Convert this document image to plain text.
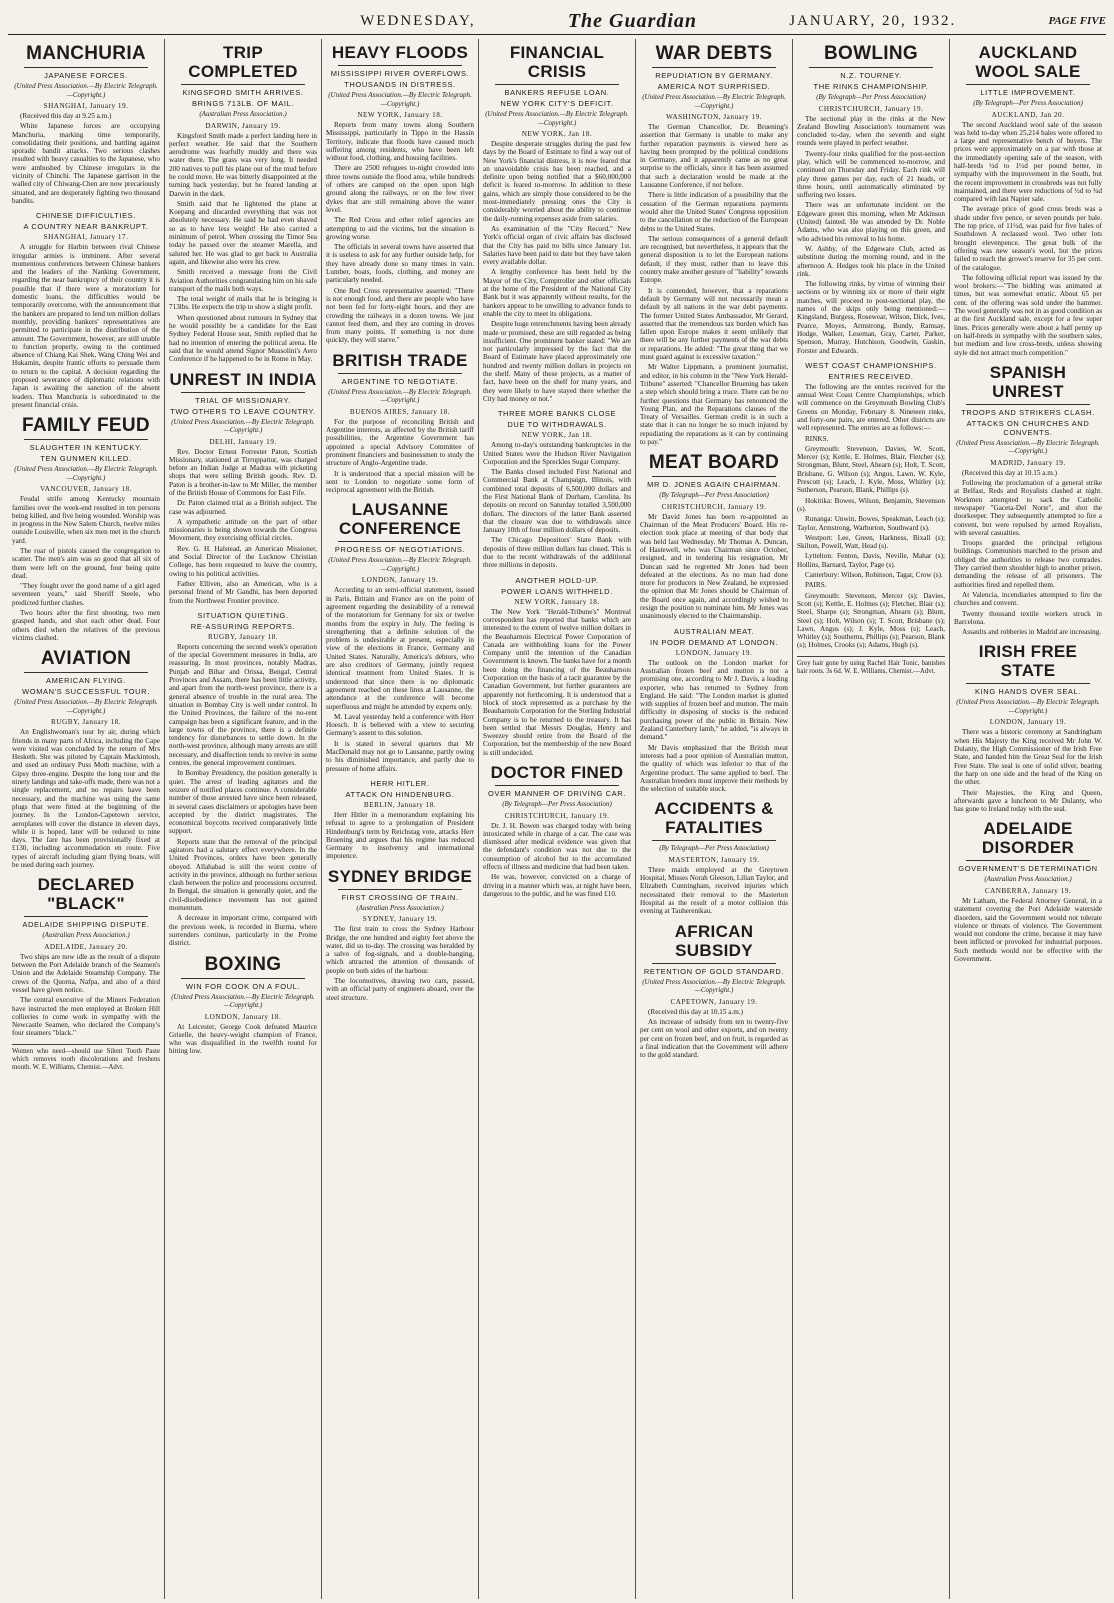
WEDNESDAY,	The Guardian	JANUARY, 20, 1932.	PAGE FIVE
MANCHURIA
JAPANESE FORCES.
(United Press Association.—By Electric Telegraph.—Copyright.)
SHANGHAI, January 19.

(Received this day at 9.25 a.m.)

White Japanese forces are occupying Manchuria, marking time temporarily, consolidating their positions, and battling against sporadic bandit attacks. Two serious clashes resulted with heavy casualties to the Japanese, who were ambushed by Chinese irregulars in the vicinity of Chinchi. The Japanese garrison in the walled city of Chiwang-Chen are now precariously situated, and are desperately fighting two thousand bandits.

CHINESE DIFFICULTIES.
A COUNTRY NEAR BANKRUPT.
SHANGHAI, January 17.

A struggle for Harbin between rival Chinese irregular armies is imminent. After several momentous conferences between Chinese bankers and the leaders of the Nanking Government, regarding the near bankruptcy of their country it is possible that if there were a moratorium for domestic loans, the difficulties would be temporarily overcome, with the announcement that the bankers are prepared to lend ten million dollars monthly, providing bankers' representatives are permitted to participate in the distribution of the amount. The Government, however, are still unable to function properly, owing to the continued absence of Chiang Kai Shek, Wang Ching Wei and Hukamin, despite frantic efforts to persuade them to return to the capital. A decision regarding the proposed severance of diplomatic relations with Japan is awaiting the sanction of the absent leaders. Thus Manchuria is subordinated to the present financial crisis.

FAMILY FEUD
SLAUGHTER IN KENTUCKY.
TEN GUNMEN KILLED.
(United Press Association.—By Electric Telegraph.—Copyright.)
VANCOUVER, January 18.

Feudal strife among Kentucky mountain families over the week-end resulted in ten persons being killed, and five being wounded. Worship was in progress in the New Salem Church, twelve miles outside Louisville, when six men met in the church yard.

The roar of pistols caused the congregation to scatter. The men's aim was so good that all six of them were left on the ground, four being quite dead.

"They fought over the good name of a girl aged seventeen years," said Sheriff Steele, who predicted further clashes.

Two hours after the first shooting, two men grasped hands, and shot each other dead. Four others died when the relatives of the previous victims clashed.

AVIATION
AMERICAN FLYING.
WOMAN'S SUCCESSFUL TOUR.
(United Press Association.—By Electric Telegraph.—Copyright.)
RUGBY, January 18.

An Englishwoman's tour by air, during which friends in many parts of Africa, including the Cape were visited was concluded by the return of Mrs Hesketh. She was piloted by Captain Mackintosh, and used an ordinary Puss Moth machine, with a Gipsy three-engine. Despite the long tour and the ninety landings and take-offs made, there was not a single replacement, and no repairs have been necessary, and the machine was using the same plugs that were fitted at the beginning of the journey. In the London-Capetown service, aeroplanes will cover the distance in eleven days, while it is hoped, later will be reduced to nine days. The fare has been provisionally fixed at £130, including accommodation en route. Five types of aircraft including giant flying boats, will be used during each journey.

DECLARED "BLACK"
ADELAIDE SHIPPING DISPUTE.
(Australian Press Association.)
ADELAIDE, January 20.

Two ships are now idle as the result of a dispute between the Port Adelaide branch of the Seamen's Union and the Adelaide Steamship Company. The crews of the Quorna, Nafpa, and also of a third vessel have given notice.

The central executive of the Miners Federation have instructed the men employed at Broken Hill collieries to come work in sympathy with the Newcastle Seamen, who declared the Company's four steamers "black."

Women who need—should use Silent Tooth Paste which removes tooth discolorations and freshens mouth. W. E. Williams, Chemist.—Advt.
TRIP COMPLETED
KINGSFORD SMITH ARRIVES.
BRINGS 713LB. OF MAIL.
(Australian Press Association.)
DARWIN, January 19.

Kingsford Smith made a perfect landing here in perfect weather. He said that the Southern aerodrome was fearfully muddy and there was water there. The grass was very long. It needed 200 natives to pull his plane out of the mud before he could move. He was bitterly disappointed at the turning back yesterday, but he feared landing at Darwin in the dark.

Smith said that he lightened the plane at Koepang and discarded everything that was not absolutely necessary. He said he had even shaved so as to have less weight! He also carried a minimum of petrol. When crossing the Timor Sea today he passed over the steamer Marella, and saluted her. He was glad to get back to Australia again, and likewise also were his crew.

Smith received a message from the Civil Aviation Authorities congratulating him on his safe transport of the mails both ways.

The total weight of mails that he is bringing is 713lbs. He expects the trip to show a slight profit.

When questioned about rumours in Sydney that he would possibly be a candidate for the East Sydney Federal House seat, Smith replied that he had no intention of entering the political arena. He said that he would attend Signor Mussolini's Aero Conference if he happened to be in Rome in May.

UNREST IN INDIA
TRIAL OF MISSIONARY.
TWO OTHERS TO LEAVE COUNTRY.
(United Press Association.—By Electric Telegraph.—Copyright.)
DELHI, January 19.

Rev. Doctor Ernest Forrester Paton, Scottish Missionary, stationed at Tirruppattur, was charged before an Indian Judge at Madras with picketing shops that were selling British goods. Rev. D. Paton is a brother-in-law to Mr Miller, the member of the British House of Commons for East Fife.

Dr. Paton claimed trial as a British subject. The case was adjourned.

A sympathetic attitude on the part of other missionaries is being shown towards the Congress Movement, they exercising official circles.

Rev. G. H. Halstead, an American Missioner, and Social Director of the Lucknow Christian College, has been requested to leave the country, owing to his political activities.

Father Elliven, also an American, who is a personal friend of Mr Gandhi, has been deported from the Northwest Frontier province.

SITUATION QUIETING.
RE-ASSURING REPORTS.
RUGBY, January 18.

Reports concerning the second week's operation of the special Government measures in India, are reassuring. In most provinces, notably Madras, Punjab and Bihar and Orissa, Bengal, Central Provinces and Assam, there has been little activity, and apart from the north-west province, there is a general absence of trouble in the rural area. The situation in Bombay City is well under control. In the United Provinces, the failure of the no-rent campaign has been a significant feature, and in the large towns of the province, there is a definite tendency for disturbances to settle down. In the north-west province, although many arrests are still necessary, and disaffection tends to revive in some centres, the general improvement continues.

In Bombay Presidency, the position generally is quiet. The arrest of leading agitators and the seizure of notified places continue. A considerable number of those arrested have since been released, in several cases disclaimers or apologies have been accepted by the district magistrates. The economical boycotts received comparatively little support.

Reports state that the removal of the principal agitators had a salutary effect everywhere. In the United Provinces, orders have been generally obeyed. Allahabad is still the worst centre of activity in the province, although no further serious clash between the police and processions occurred. In Bengal, the situation is generally quiet, and the civil-disobedience movement has not gained momentum.

A decrease in important crime, compared with the previous week, is recorded in Burma, where surrenders continue, particularly in the Prome district.

BOXING
WIN FOR COOK ON A FOUL.
(United Press Association.—By Electric Telegraph.—Copyright.)
LONDON, January 18.

At Leicester, George Cook defeated Maurice Griselle, the heavy-weight champion of France, who was disqualified in the twelfth round for hitting low.

HEAVY FLOODS
MISSISSIPPI RIVER OVERFLOWS.
THOUSANDS IN DISTRESS.
(United Press Association.—By Electric Telegraph.—Copyright.)
NEW YORK, January 18.

Reports from many towns along Southern Mississippi, particularly in Tippo in the Hassin Territory, indicate that floods have caused much suffering among residents, who have been left without food, clothing, and housing facilities.

There are 2500 refugees to-night crowded into three towns outside the flood area, while hundreds of others are camped on the open upon high ground along the railways, or on the few river dykes that are still remaining above the water level.

The Red Cross and other relief agencies are attempting to aid the victims, but the situation is growing worse.

The officials in several towns have asserted that it is useless to ask for any further outside help, for they have already done so many times in vain. Lumber, boats, foods, clothing, and money are particularly needed.

One Red Cross representative asserted: "There is not enough food, and there are people who have not been fed for forty-eight hours, and they are crowding the railways in a dozen towns. We just cannot feed them, and they are coming in droves from many points. If something is not done quickly, they will starve."

BRITISH TRADE
ARGENTINE TO NEGOTIATE.
(United Press Association.—By Electric Telegraph.—Copyright.)
BUENOS AIRES, January 18.

For the purpose of reconciling British and Argentine interests, as affected by the British tariff possibilities, the Argentine Government has appointed a special Advisory Committee of prominent financiers and businessmen to study the structure of Anglo-Argentine trade.

It is understood that a special mission will be sent to London to negotiate some form of reciprocal agreement with the British.

LAUSANNE CONFERENCE
PROGRESS OF NEGOTIATIONS.
(United Press Association.—By Electric Telegraph.—Copyright.)
LONDON, January 19.

According to an semi-official statement, issued in Paris, Britain and France are on the point of agreement regarding the desirability of a renewal of the moratorium for Germany for six or twelve months from the expiry in July. The feeling is strengthening that a definite solution of the problem is undesirable at present, especially in view of the elections in France, Germany and United States. Naturally, America's debtors, who are also creditors of Germany, jointly request identical treatment from United States. It is understood that since there is no diplomatic agreement reached on these lines at Lausanne, the attendance at the conference will become superfluous and might be attended by experts only.

M. Laval yesterday held a conference with Herr Hoesch. It is believed with a view to securing Germany's assent to this solution.

It is stated in several quarters that Mr MacDonald may not go to Lausanne, partly owing to his diminished importance, and partly due to pressure of home affairs.

HERR HITLER.
ATTACK ON HINDENBURG.
BERLIN, January 18.

Herr Hitler in a memorandum explaining his refusal to agree to a prolongation of President Hindenburg's term by Reichstag vote, attacks Herr Bruening and argues that his regime has reduced Germany to insolvency and international impotence.

SYDNEY BRIDGE
FIRST CROSSING OF TRAIN.
(Australian Press Association.)
SYDNEY, January 19.

The first train to cross the Sydney Harbour Bridge, the one hundred and eighty feet above the water, did so to-day. The crossing was heralded by a salvo of fog-signals, and a double-banging, which attracted the attention of thousands of people on both sides of the harbour.

The locomotives, drawing two cars, passed, with an official party of engineers aboard, over the steel structure.

FINANCIAL CRISIS
BANKERS REFUSE LOAN.
NEW YORK CITY'S DEFICIT.
(United Press Association.—By Electric Telegraph.—Copyright.)
NEW YORK, Jan 18.

Despite desperate struggles during the past few days by the Board of Estimate to find a way out of New York's financial distress, it is now feared that an unavoidable crisis has been reached, and a definite upon being notified that a $60,000,000 deficit is feared to-morrow. In addition to these gains, which are simply those considered to be the most-immediately pressing ones the City is considerably worried about the ability to continue the daily-running expenses aside from salaries.

As examination of the "City Record," New York's official organ of civic affairs has disclosed that the City has paid no bills since January 1st. Salaries have been paid to date but they have taken every available dollar.

A lengthy conference has been held by the Mayor of the City, Comptroller and other officials at the home of the President of the National City Bank but it was apparently without results, for the bankers appear to be unwilling to advance funds to enable the city to meet its obligations.

Despite huge retrenchments having been already made or promised, these are still regarded as being insufficient. One prominent banker stated: "We are not particularly impressed by the fact that the Board of Estimate have placed approximately one hundred and twenty million dollars in projects on the shelf. Many of these projects, as a matter of fact, have been on the shelf for many years, and they were likely to have stayed there whether the City had money or not."

THREE MORE BANKS CLOSE
DUE TO WITHDRAWALS.
NEW YORK, Jan 18.

Among to-day's outstanding bankruptcies in the United States were the Hudson River Navigation Corporation and the Spreckles Sugar Company.

The Banks closed included First National and Commercial Bank at Champaign, Illinois, with combined total deposits of 6,500,000 dollars and the First National Bank of Durham, Carolina. Its deposits on record on Saturday totalled 3,500,000 dollars. The directors of the latter Bank asserted that the closure was due to withdrawals since January 10th of four million dollars of deposits.

The Chicago Depositors' State Bank with deposits of three million dollars has closed. This is due to the recent withdrawals of the additional three millions in deposits.

ANOTHER HOLD-UP.
POWER LOANS WITHHELD.
NEW YORK, January 18.

The New York "Herald-Tribune's" Montreal correspondent has reported that banks which are interested to the extent of twelve million dollars in the Beauharnois Electrical Power Corporation of Canada are withholding loans for the Power Company until the intention of the Canadian Government is known. The banks have for a month been doing the financing of the Beauharnois Corporation on the basis of a tacit guarantee by the Canadian Government, but further guarantees are apparently not forthcoming. It is understood that a block of stock represented as a purchase by the Beauharnois Corporation for the Sterling Industrial Company is to be returned to the treasury. It has been settled that Messrs Douglas, Henry and Sweezey should retire from the Board of the Corporation, but the membership of the new Board is still undecided.

DOCTOR FINED
OVER MANNER OF DRIVING CAR.
(By Telegraph—Per Press Association)
CHRISTCHURCH, January 19.

Dr. J. H. Bowen was charged today with being intoxicated while in charge of a car. The case was dismissed after medical evidence was given that the defendant's condition was not due to the consumption of alcohol but to the accumulated effects of illness and medicine that had been taken.

He was, however, convicted on a charge of driving in a manner which was, at night have been, dangerous to the public, and he was fined £10.

WAR DEBTS
REPUDIATION BY GERMANY.
AMERICA NOT SURPRISED.
(United Press Association.—By Electric Telegraph.—Copyright.)
WASHINGTON, January 19.

The German Chancellor, Dr. Bruening's assertion that Germany is unable to make any further reparation payments is viewed here as having been prompted by the political conditions in Germany, and it apparently came as no great surprise to the officials, since it has been assumed that such a declaration would be made at the Lausanne Conference, if not before.

There is little indication of a possibility that the cessation of the German reparations payments would alter the United States' Congress opposition to the cancellation or the reduction of the European debts to the United States.

The serious consequences of a general default are recognised, but nevertheless, it appears that the general disposition is to let the European nations default, if they must, rather than to leave this country make another gesture of "liability" towards Europe.

It is contended, however, that a reparations default by Germany will not necessarily mean a default by all nations in the war debt payments. The former United States Ambassador, Mr Gerard, asserted that the tremendous tax burden which has fallen upon Europe makes it seem unlikely that there will be any further payments of the war debts or reparations. He added: "The great thing that we must guard against is excessive taxation."

Mr Walter Lippmann, a prominent journalist, and editor, in his column in the "New York Herald-Tribune" asserted: "Chancellor Bruening has taken a step which should bring a truce. There can be no further questions that Germany has renounced the Young Plan, and the Reparations clauses of the Treaty of Versailles. German credit is in such a state that it can no longer be so much injured by repudiating the reparations as it can by continuing to pay."

MEAT BOARD
MR D. JONES AGAIN CHAIRMAN.
(By Telegraph—Per Press Association)
CHRISTCHURCH, January 19.

Mr David Jones has been re-appointed as Chairman of the Meat Producers' Board. His re-election took place at meeting of that body that was held last Wednesday. Mr Thomas A. Duncan, of Hastewell, who was Chairman since October, resigned, and in tendering his resignation, Mr Duncan said he regretted Mr Jones had been defeated at the elections. As no man had done more for producers in New Zealand, he expressed the opinion that Mr Jones should be Chairman of the Board once again, and accordingly wished to resign the position to nominate him. Mr Jones was unanimously elected to the Chairmanship.

AUSTRALIAN MEAT.
IN POOR DEMAND AT LONDON.
LONDON, January 19.

The outlook on the London market for Australian frozen beef and mutton is not a promising one, according to Mr J. Davis, a leading exporter, who has returned to Sydney from England. He said: "The London market is glutted with supplies of frozen beef and mutton. The main difficulty in disposing of stocks is the reduced purchasing power of the public in Britain. New Zealand Canterbury lamb," he added, "is always in demand."

Mr Davis emphasized that the British meat interests had a poor opinion of Australian mutton, the quality of which was inferior to that of the Argentine product. The same applied to beef. The Australian breeders must improve their methods by the selection of suitable stock.

ACCIDENTS & FATALITIES
(By Telegraph—Per Press Association)
MASTERTON, January 19.

Three maids employed at the Greytown Hospital, Misses Norah Gleeson, Lilian Taylor, and Elizabeth Cunningham, received injuries which necessitated their removal to the Masterton Hospital as the result of a motor collision this evening at Tauherenikau.

AFRICAN SUBSIDY
RETENTION OF GOLD STANDARD.
(United Press Association.—By Electric Telegraph.—Copyright.)
CAPETOWN, January 19.

(Received this day at 10.15 a.m.)

An increase of subsidy from ten to twenty-five per cent on wool and other exports, and on twenty per cent on frozen beef, and on fruit, is regarded as a final indication that the Government will adhere to the gold standard.

BOWLING
N.Z. TOURNEY.
THE RINKS CHAMPIONSHIP.
(By Telegraph—Per Press Association)
CHRISTCHURCH, January 19.

The sectional play in the rinks at the New Zealand Bowling Association's tournament was concluded to-day, when the seventh and eight rounds were played in perfect weather.

Twenty-four rinks qualified for the post-section play, which will be commenced to-morrow, and continued on Thursday and Friday. Each rink will play three games per day, each of 21 heads, or three hours, until automatically eliminated by suffering two losses.

There was an unfortunate incident on the Edgeware green this morning, when Mr Atkinson (United) fainted. He was attended by Dr. Noble Adams, who was also playing on this green, and who advised his removal to his home.

W. Ashby, of the Edgeware Club, acted as substitute during the morning round, and in the afternoon A. Hedges took his place in the United rink.

The following rinks, by virtue of winning their sections or by winning six or more of their eight matches, will proceed to post-sectional play, the names of the skips only being mentioned:—Kingsland, Burgess, Rosewear, Wilson, Dick, Ives, Pearce, Moyes, Armstrong, Bundy, Ramsay, Hodge, Walker, Leseman, Gray, Carter, Parker, Spenson, Murray, Hutchison, Goodwin, Gaskin, Forster and Edwards.

WEST COAST CHAMPIONSHIPS.
ENTRIES RECEIVED.

The following are the entries received for the annual West Coast Centre Championships, which will commence on the Greymouth Bowling Club's Greens on Monday, February 8. Nineteen rinks, and forty-one pairs, are entered. Other districts are well represented. The entries are as follows:—

RINKS.

Greymouth: Stevenson, Davies, W. Scott, Mercer (s); Kettle, E. Holmes, Blair, Fletcher (s); Strongman, Blunt, Steel, Ahearn (s); Holt, T. Scott, Brisbane, G. Wilson (s); Angus, Lawn, W. Kyle, Prescott (s); Leach, J. Kyle, Moss, Whitley (s); Sutherson, Pearson, Blank, Phillips (s).

Hokitika: Bowes, Wilson, Benjamin, Stevenson (s).

Runanga: Unwin, Bowes, Speakman, Leach (s); Taylor, Armstrong, Warburton, Southward (s).

Westport: Lee, Green, Harkness, Bixall (s); Skilton, Powell, Watt, Head (s).

Lyttelton: Fenton, Davis, Neville, Mahar (s); Hollins, Barnard, Taylor, Page (s).

Canterbury: Wilson, Robinson, Tagar, Crow (s).

PAIRS.

Greymouth: Stevenson, Mercer (s); Davies, Scott (s); Kettle, E. Holmes (s); Fletcher, Blair (s); Steel, Sharpe (s); Strongman, Ahearn (s); Blunt, Steel (s); Holt, Wilson (s); T. Scott, Brisbane (s); Lawn, Angus (s); J. Kyle, Moss (s); Leach, Whitley (s); Southerns, Phillips (s); Pearson, Blank (s); Holmes, Crooks (s); Adams, Hugh (s).

Grey hair gone by using Rachel Hair Tonic, banishes hair roots. 3s 6d. W. E. Williams, Chemist.—Advt.
AUCKLAND WOOL SALE
LITTLE IMPROVEMENT.
(By Telegraph—Per Press Association)
AUCKLAND, Jan 20.

The second Auckland wool sale of the season was held to-day when 25,214 bales were offered to a large and representative bench of buyers. The prices were approximately on a par with those at the immediately opening sale of the season, with half-breds ½d to 1½d per pound better, in sympathy with the improvement in the South, but the recent improvement in crossbreds was not fully maintained, and there were reductions of ½d to ¾d compared with last Napier sale.

The average price of good cross breds was a shade under five pence, or seven pounds per bale. The top price, of 11½d, was paid for five bales of Southdown A reclassed wool. Two other lots brought elevenpence. The great bulk of the offering was new season's wool, but the prices failed to reach the grower's reserve for 35 per cent. of the catalogue.

The following official report was issued by the wool brokers:—"The bidding was animated at times, but was somewhat erratic. About 65 per cent. of the offering was sold under the hammer. The wool generally was not in as good condition as at the first Auckland sale, except for a few super lines. Prices generally were about a half penny up on half-breds in sympathy with the southern sales, but medium and low cross-breds, unless showing style did not attract much competition."

SPANISH UNREST
TROOPS AND STRIKERS CLASH.
ATTACKS ON CHURCHES AND CONVENTS.
(United Press Association.—By Electric Telegraph.—Copyright.)
MADRID, January 19.

(Received this day at 10.15 a.m.)

Following the proclamation of a general strike at Belfast, Reds and Royalists clashed at night. Workmen attempted to sack the Catholic newspaper "Gaceta-Del Norte", and shot the doorkeeper. They subsequently attempted to fire a convent, but were repulsed by armed Royalists, with several casualties.

Troops guarded the principal religious buildings. Communists marched to the prison and obliged the authorities to release two comrades. They carried them shoulder high to another prison, demanding the release of all prisoners. The authorities fired and repelled them.

At Valencia, incendiaries attempted to fire the churches and convent.

Twenty thousand textile workers struck in Barcelona.

Assaults and robberies in Madrid are increasing.

IRISH FREE STATE
KING HANDS OVER SEAL.
(United Press Association.—By Electric Telegraph.—Copyright.)
LONDON, January 19.

There was a historic ceremony at Sandringham when His Majesty the King received Mr John W. Dulanty, the High Commissioner of the Irish Free State, and handed him the Great Seal for the Irish Free State. The seal is one of solid silver, bearing the harp on one side and the head of the King on the other.

Their Majesties, the King and Queen, afterwards gave a luncheon to Mr Dulanty, who has gone to Ireland today with the seal.

ADELAIDE DISORDER
GOVERNMENT'S DETERMINATION
(Australian Press Association.)
CANBERRA, January 19.

Mr Latham, the Federal Attorney General, in a statement covering the Port Adelaide waterside disorders, said the Government would not tolerate violence or threats of violence. The Government would not condone the crime, because it may have been inflicted or provoked for industrial purposes. Such methods would not be effective with the Government.
